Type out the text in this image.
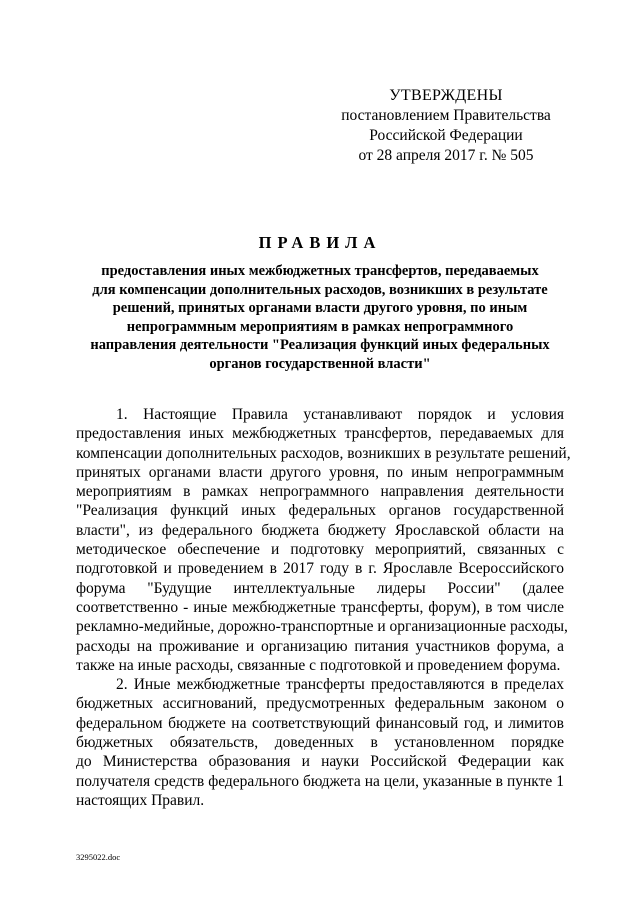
УТВЕРЖДЕНЫ
постановлением Правительства
Российской Федерации
от 28 апреля 2017 г. № 505
ПРАВИЛА
предоставления иных межбюджетных трансфертов, передаваемых
для компенсации дополнительных расходов, возникших в результате
решений, принятых органами власти другого уровня, по иным
непрограммным мероприятиям в рамках непрограммного
направления деятельности "Реализация функций иных федеральных
органов государственной власти"
1. Настоящие Правила устанавливают порядок и условия
предоставления иных межбюджетных трансфертов, передаваемых для
компенсации дополнительных расходов, возникших в результате решений,
принятых органами власти другого уровня, по иным непрограммным
мероприятиям в рамках непрограммного направления деятельности
"Реализация функций иных федеральных органов государственной
власти", из федерального бюджета бюджету Ярославской области на
методическое обеспечение и подготовку мероприятий, связанных с
подготовкой и проведением в 2017 году в г. Ярославле Всероссийского
форума "Будущие интеллектуальные лидеры России" (далее
соответственно - иные межбюджетные трансферты, форум), в том числе
рекламно-медийные, дорожно-транспортные и организационные расходы,
расходы на проживание и организацию питания участников форума, а
также на иные расходы, связанные с подготовкой и проведением форума.
2. Иные межбюджетные трансферты предоставляются в пределах
бюджетных ассигнований, предусмотренных федеральным законом о
федеральном бюджете на соответствующий финансовый год, и лимитов
бюджетных обязательств, доведенных в установленном порядке
до Министерства образования и науки Российской Федерации как
получателя средств федерального бюджета на цели, указанные в пункте 1
настоящих Правил.
3295022.doc
